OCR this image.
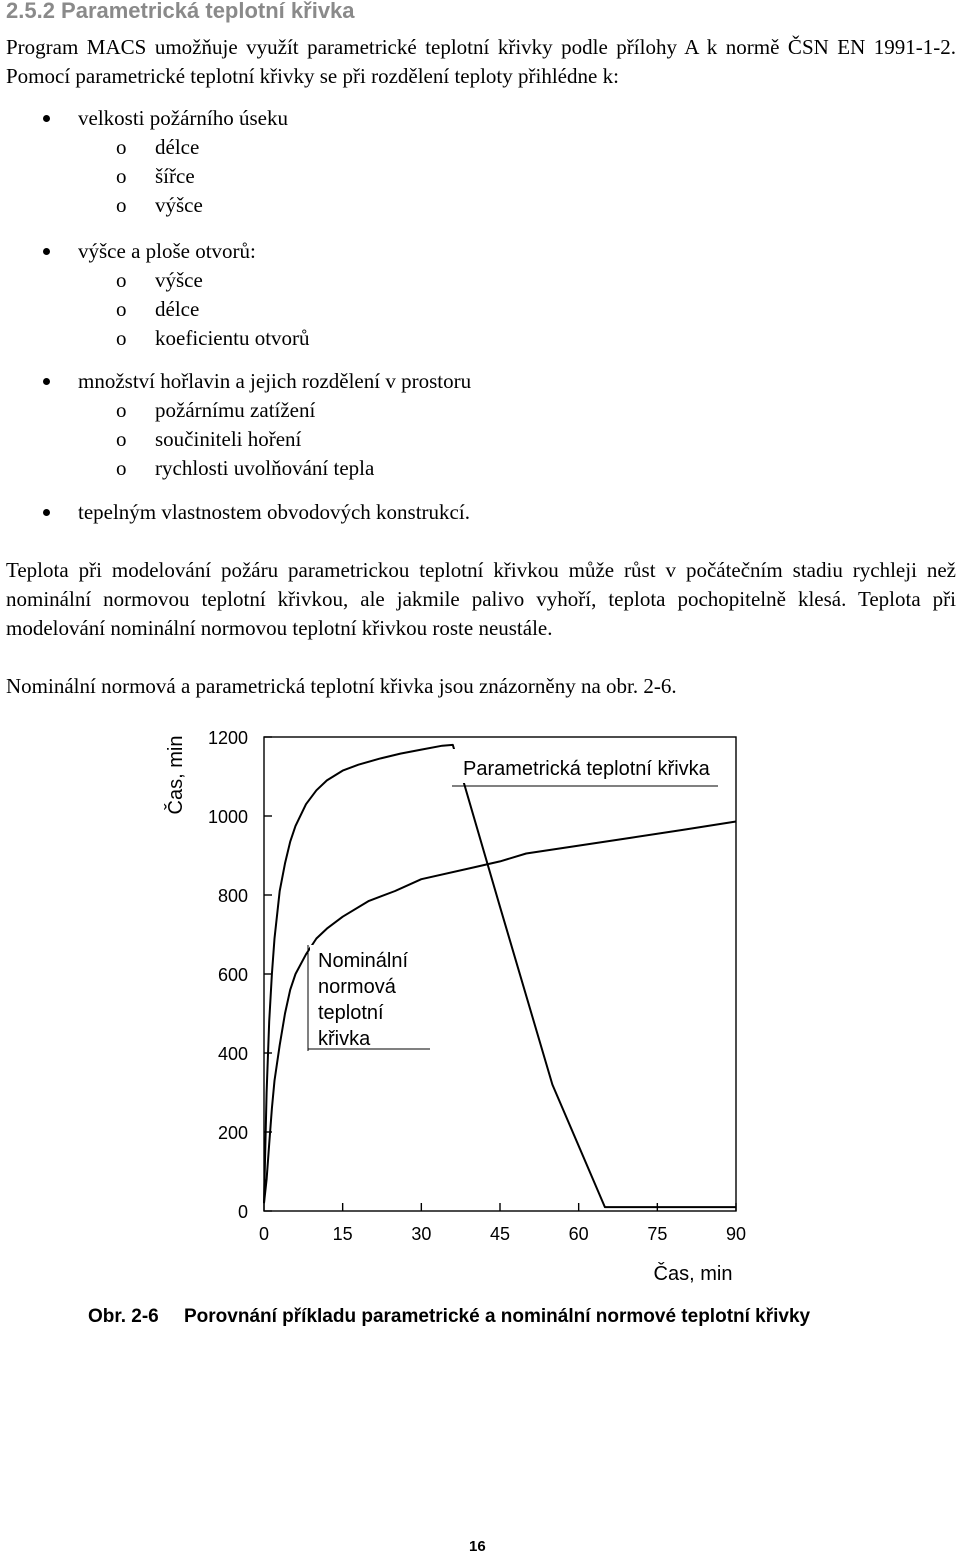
2.5.2 Parametrická teplotní křivka

Program MACS umožňuje využít parametrické teplotní křivky podle přílohy A k normě ČSN EN 1991-1-2. Pomocí parametrické teplotní křivky se při rozdělení teploty přihlédne k:

velkosti požárního úseku
o délce
o šířce
o výšce
výšce a ploše otvorů:
o výšce
o délce
o koeficientu otvorů
množství hořlavin a jejich rozdělení v prostoru
o požárnímu zatížení
o součiniteli hoření
o rychlosti uvolňování tepla
tepelným vlastnostem obvodových konstrukcí.

Teplota při modelování požáru parametrickou teplotní křivkou může růst v počátečním stadiu rychleji než nominální normovou teplotní křivkou, ale jakmile palivo vyhoří, teplota pochopitelně klesá. Teplota při modelování nominální normovou teplotní křivkou roste neustále.

Nominální normová a parametrická teplotní křivka jsou znázorněny na obr. 2-6.

0
200
400
600
800
1000
1200
0	15	30	45	60	75	90
Parametrická teplotní křivka
Nominální normová teplotní křivka
Čas, min
Čas, min

Obr. 2-6 Porovnání příkladu parametrické a nominální normové teplotní křivky

16
